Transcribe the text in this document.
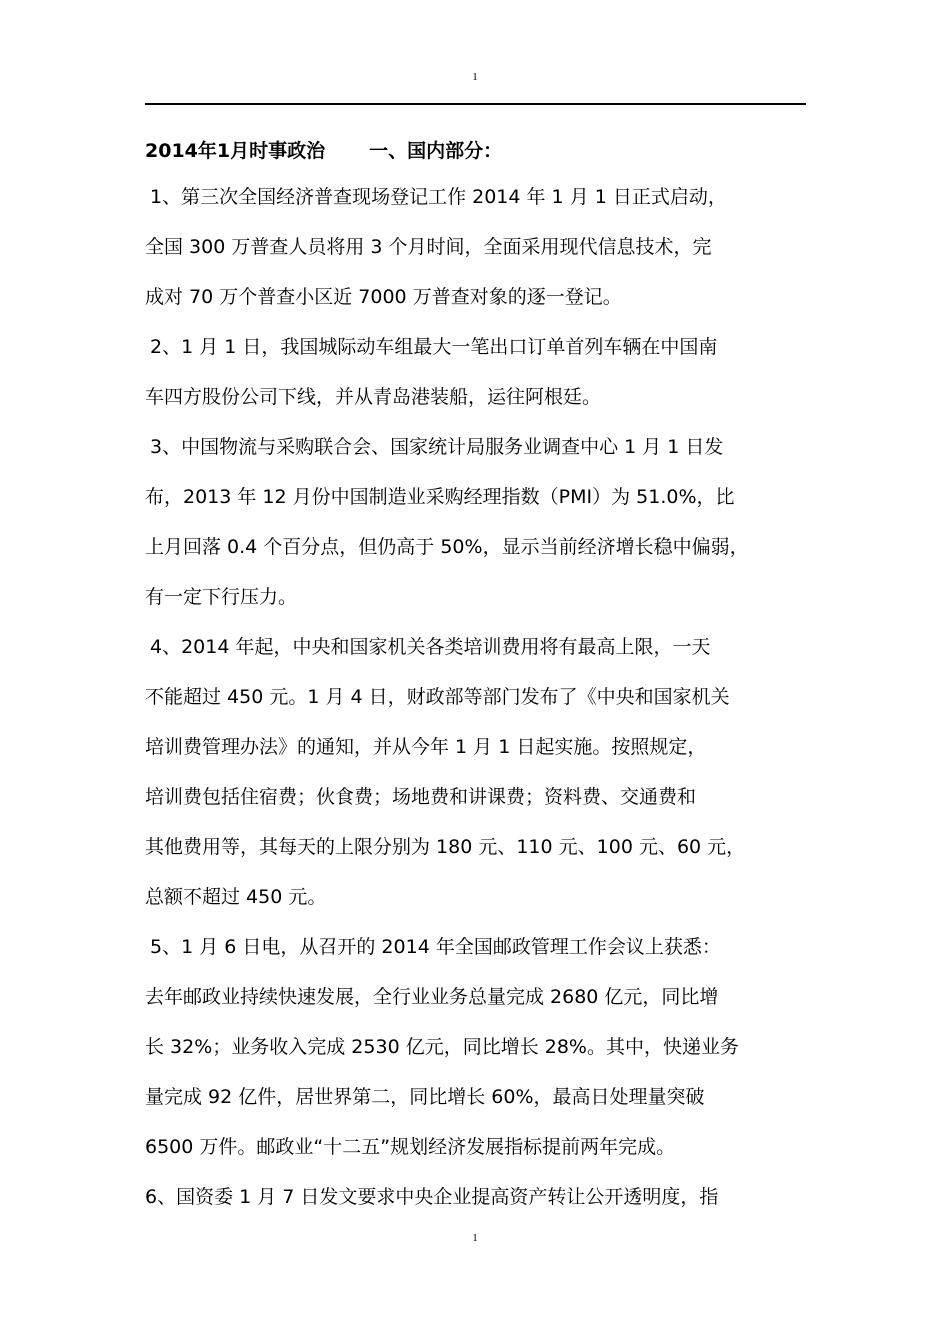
1
2014年1月时事政治 一、国内部分：
1、第三次全国经济普查现场登记工作 2014 年 1 月 1 日正式启动，
全国 300 万普查人员将用 3 个月时间，全面采用现代信息技术，完
成对 70 万个普查小区近 7000 万普查对象的逐一登记。
2、1 月 1 日，我国城际动车组最大一笔出口订单首列车辆在中国南
车四方股份公司下线，并从青岛港装船，运往阿根廷。
3、中国物流与采购联合会、国家统计局服务业调查中心 1 月 1 日发
布，2013 年 12 月份中国制造业采购经理指数（PMI）为 51.0%，比
上月回落 0.4 个百分点，但仍高于 50%，显示当前经济增长稳中偏弱，
有一定下行压力。
4、2014 年起，中央和国家机关各类培训费用将有最高上限，一天
不能超过 450 元。1 月 4 日，财政部等部门发布了《中央和国家机关
培训费管理办法》的通知，并从今年 1 月 1 日起实施。按照规定，
培训费包括住宿费；伙食费；场地费和讲课费；资料费、交通费和
其他费用等，其每天的上限分别为 180 元、110 元、100 元、60 元，
总额不超过 450 元。
5、1 月 6 日电，从召开的 2014 年全国邮政管理工作会议上获悉：
去年邮政业持续快速发展，全行业业务总量完成 2680 亿元，同比增
长 32%；业务收入完成 2530 亿元，同比增长 28%。其中，快递业务
量完成 92 亿件，居世界第二，同比增长 60%，最高日处理量突破
6500 万件。邮政业“十二五”规划经济发展指标提前两年完成。
6、国资委 1 月 7 日发文要求中央企业提高资产转让公开透明度，指
1
